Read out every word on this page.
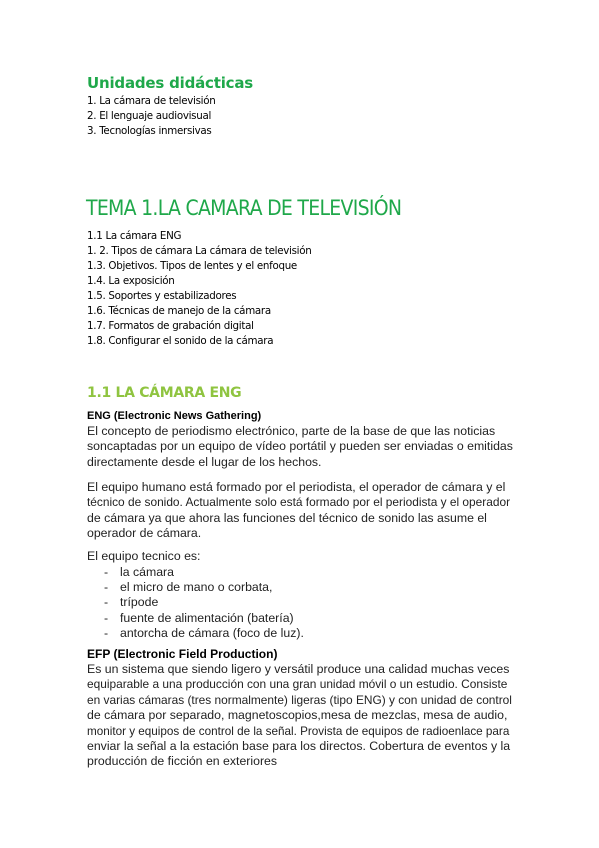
Unidades didácticas
1. La cámara de televisión
2. El lenguaje audiovisual
3. Tecnologías inmersivas
TEMA 1.LA CAMARA DE TELEVISIÓN
1.1 La cámara ENG
1. 2. Tipos de cámara La cámara de televisión
1.3. Objetivos. Tipos de lentes y el enfoque
1.4. La exposición
1.5. Soportes y estabilizadores
1.6. Técnicas de manejo de la cámara
1.7. Formatos de grabación digital
1.8. Configurar el sonido de la cámara
1.1 LA CÁMARA ENG
ENG (Electronic News Gathering)
El concepto de periodismo electrónico, parte de la base de que las noticias
soncaptadas por un equipo de vídeo portátil y pueden ser enviadas o emitidas
directamente desde el lugar de los hechos.
El equipo humano está formado por el periodista, el operador de cámara y el
técnico de sonido. Actualmente solo está formado por el periodista y el operador
de cámara ya que ahora las funciones del técnico de sonido las asume el
operador de cámara.
El equipo tecnico es:
- la cámara
- el micro de mano o corbata,
- trípode
- fuente de alimentación (batería)
- antorcha de cámara (foco de luz).
EFP (Electronic Field Production)
Es un sistema que siendo ligero y versátil produce una calidad muchas veces
equiparable a una producción con una gran unidad móvil o un estudio. Consiste
en varias cámaras (tres normalmente) ligeras (tipo ENG) y con unidad de control
de cámara por separado, magnetoscopios,mesa de mezclas, mesa de audio,
monitor y equipos de control de la señal. Provista de equipos de radioenlace para
enviar la señal a la estación base para los directos. Cobertura de eventos y la
producción de ficción en exteriores
